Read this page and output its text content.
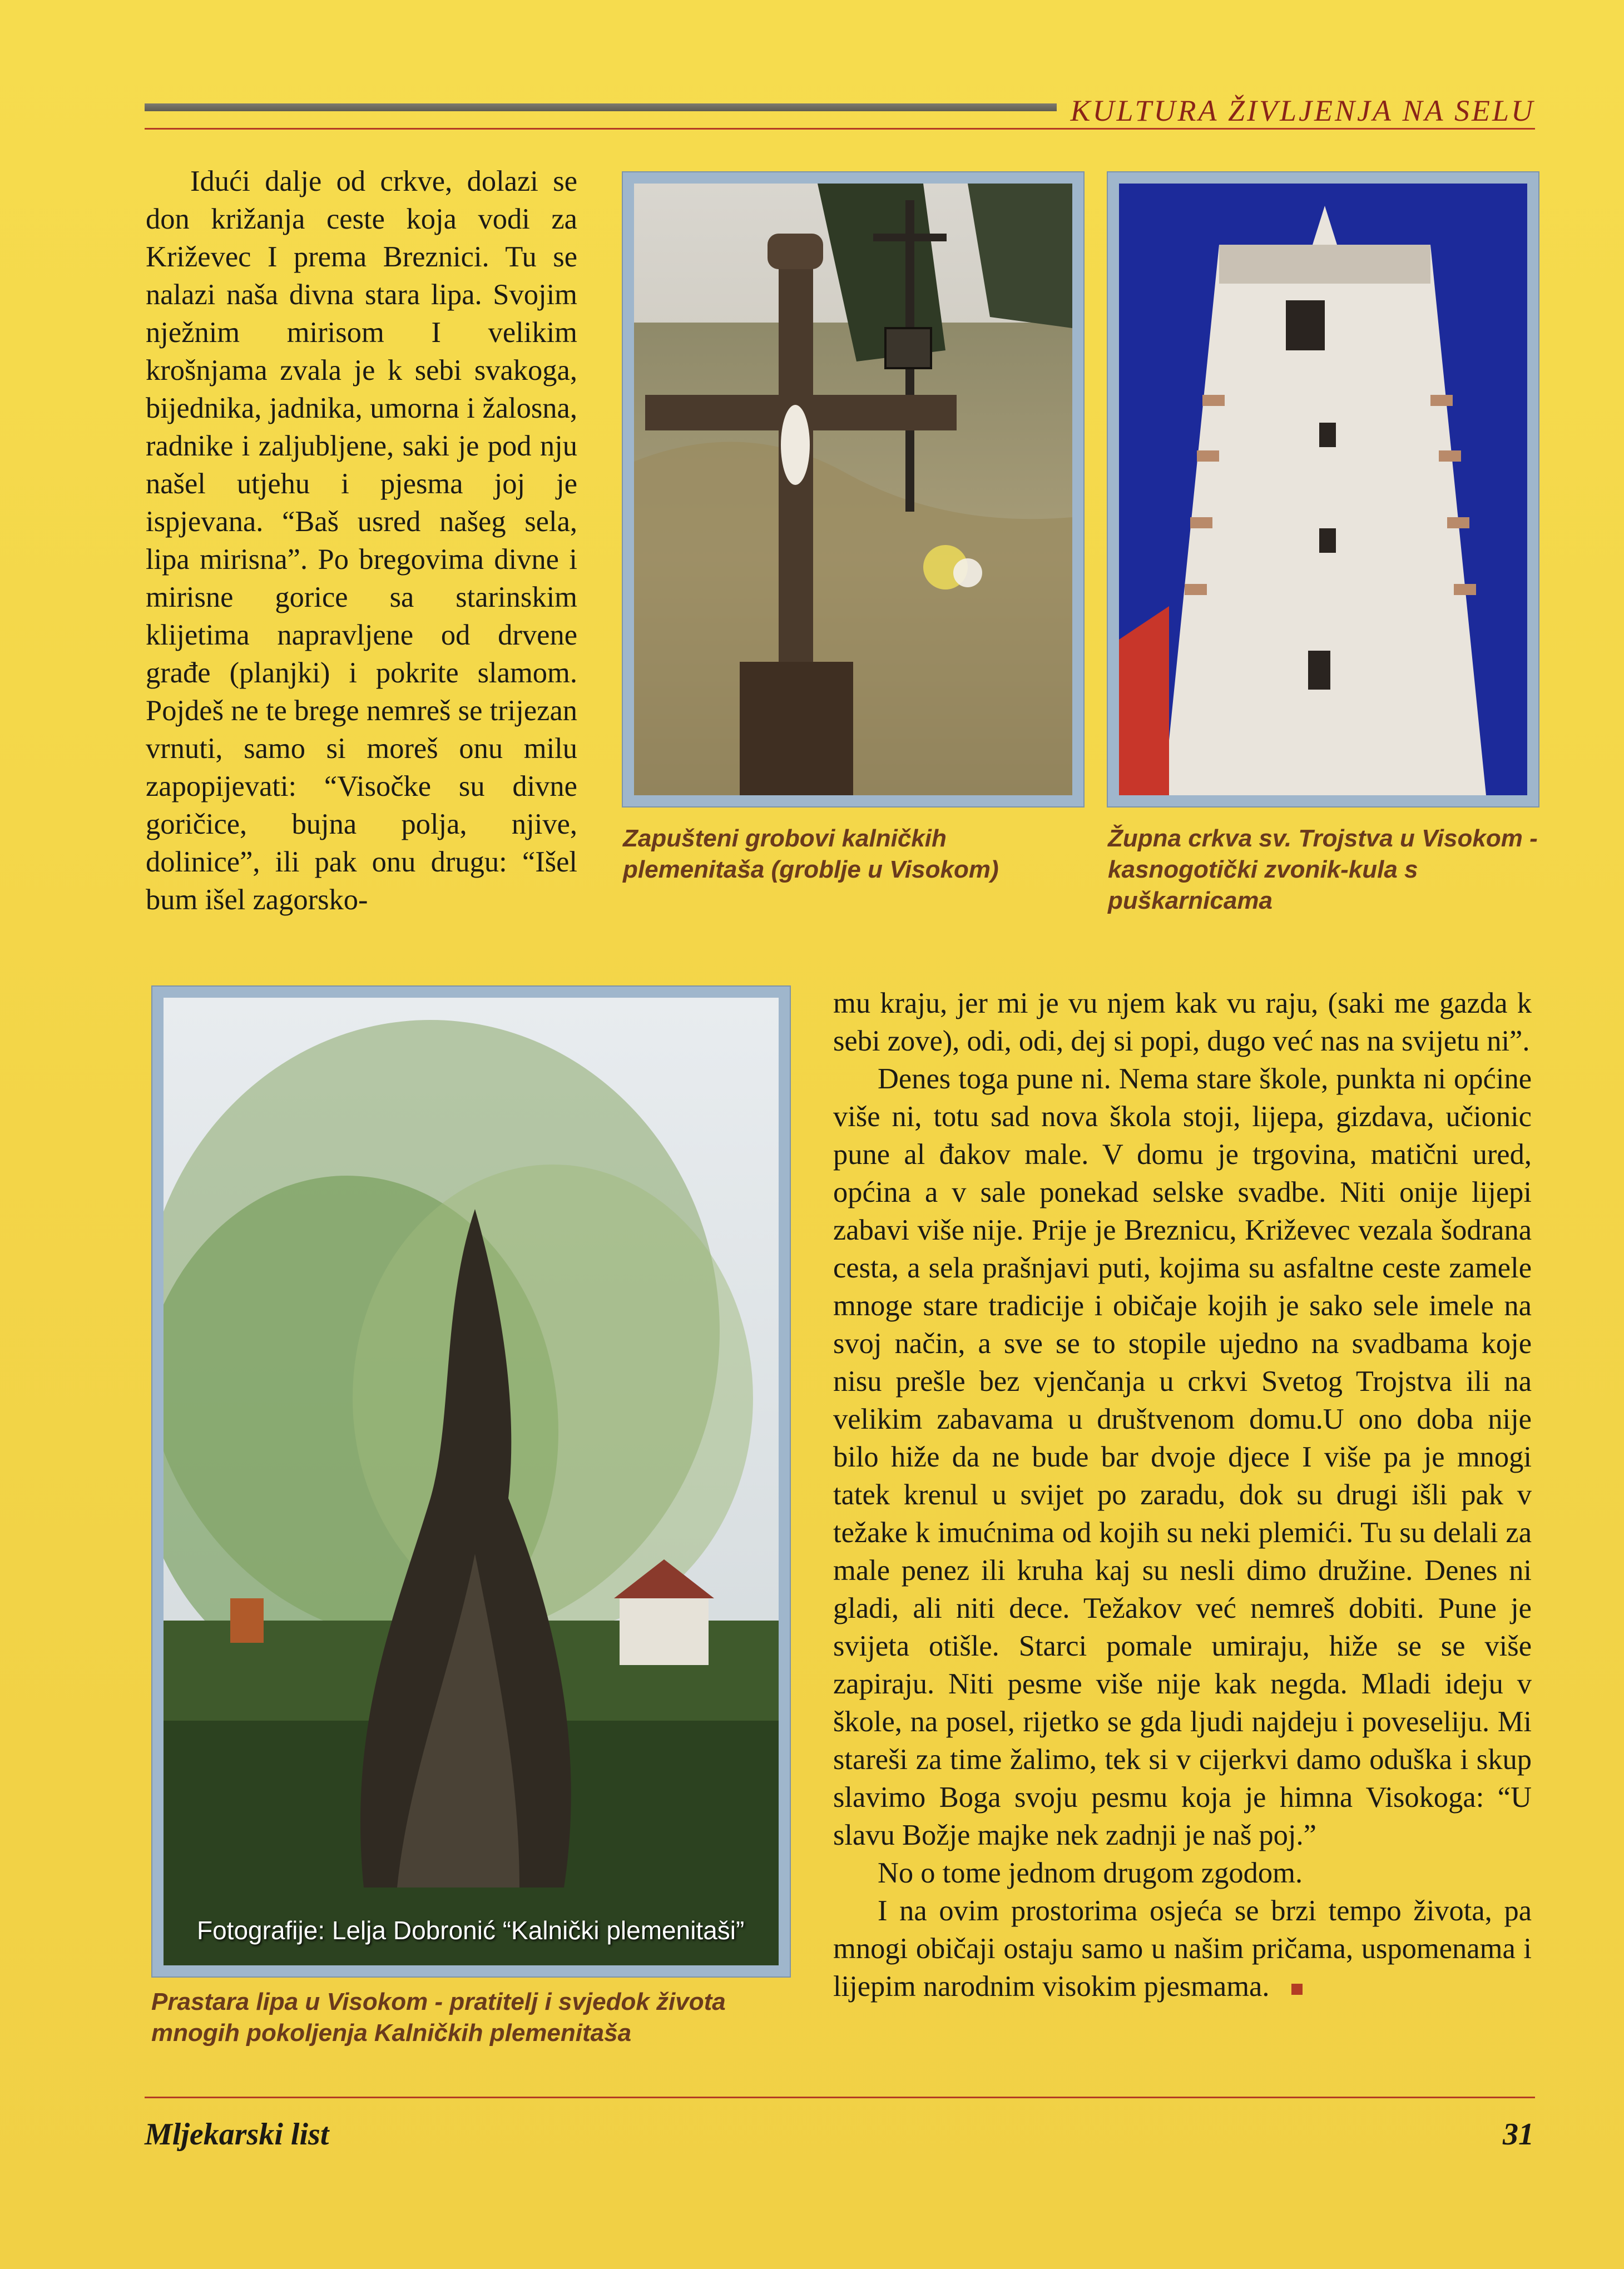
KULTURA ŽIVLJENJA NA SELU

Idući dalje od crkve, dolazi se don križanja ceste koja vodi za Križevec I prema Breznici. Tu se nalazi naša divna stara lipa. Svojim nježnim mirisom I velikim krošnjama zvala je k sebi svakoga, bijednika, jadnika, umorna i žalosna, radnike i zaljubljene, saki je pod nju našel utjehu i pjesma joj je ispjevana. “Baš usred našeg sela, lipa mirisna”. Po bregovima divne i mirisne gorice sa starinskim klijetima napravljene od drvene građe (planjki) i pokrite slamom. Pojdeš ne te brege nemreš se trijezan vrnuti, samo si moreš onu milu zapopijevati: “Visočke su divne goričice, bujna polja, njive, dolinice”, ili pak onu drugu: “Išel bum išel zagorsko-

Zapušteni grobovi kalničkih plemenitaša (groblje u Visokom)
Župna crkva sv. Trojstva u Visokom - kasnogotički zvonik-kula s puškarnicama
Fotografije: Lelja Dobronić “Kalnički plemenitaši”
Prastara lipa u Visokom - pratitelj i svjedok života mnogih pokoljenja Kalničkih plemenitaša

mu kraju, jer mi je vu njem kak vu raju, (saki me gazda k sebi zove), odi, odi, dej si popi, dugo već nas na svijetu ni”.

Denes toga pune ni. Nema stare škole, punkta ni općine više ni, totu sad nova škola stoji, lijepa, gizdava, učionic pune al đakov male. V domu je trgovina, matični ured, općina a v sale ponekad selske svadbe. Niti onije lijepi zabavi više nije. Prije je Breznicu, Križevec vezala šodrana cesta, a sela prašnjavi puti, kojima su asfaltne ceste zamele mnoge stare tradicije i običaje kojih je sako sele imele na svoj način, a sve se to stopile ujedno na svadbama koje nisu prešle bez vjenčanja u crkvi Svetog Trojstva ili na velikim zabavama u društvenom domu.U ono doba nije bilo hiže da ne bude bar dvoje djece I više pa je mnogi tatek krenul u svijet po zaradu, dok su drugi išli pak v težake k imućnima od kojih su neki plemići. Tu su delali za male penez ili kruha kaj su nesli dimo družine. Denes ni gladi, ali niti dece. Težakov već nemreš dobiti. Pune je svijeta otišle. Starci pomale umiraju, hiže se se više zapiraju. Niti pesme više nije kak negda. Mladi ideju v škole, na posel, rijetko se gda ljudi najdeju i poveseliju. Mi stareši za time žalimo, tek si v cijerkvi damo oduška i skup slavimo Boga svoju pesmu koja je himna Visokoga: “U slavu Božje majke nek zadnji je naš poj.”

No o tome jednom drugom zgodom.

I na ovim prostorima osjeća se brzi tempo života, pa mnogi običaji ostaju samo u našim pričama, uspomenama i lijepim narodnim visokim pjesmama.

Mljekarski list	31
